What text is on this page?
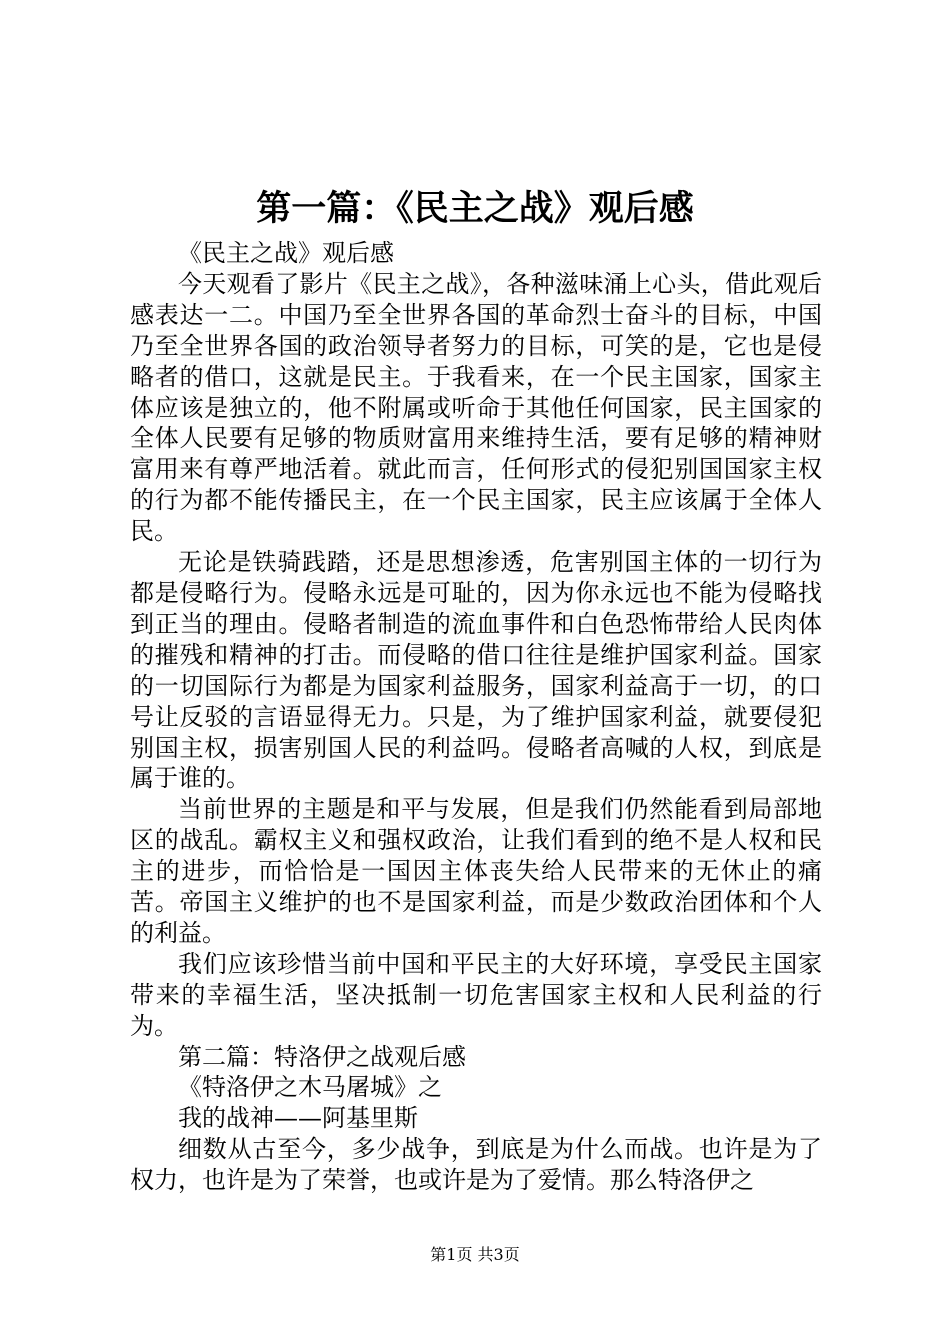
第一篇：《民主之战》观后感

《民主之战》观后感

今天观看了影片《民主之战》，各种滋味涌上心头，借此观后感表达一二。中国乃至全世界各国的革命烈士奋斗的目标，中国乃至全世界各国的政治领导者努力的目标，可笑的是，它也是侵略者的借口，这就是民主。于我看来，在一个民主国家，国家主体应该是独立的，他不附属或听命于其他任何国家，民主国家的全体人民要有足够的物质财富用来维持生活，要有足够的精神财富用来有尊严地活着。就此而言，任何形式的侵犯别国国家主权的行为都不能传播民主，在一个民主国家，民主应该属于全体人民。

无论是铁骑践踏，还是思想渗透，危害别国主体的一切行为都是侵略行为。侵略永远是可耻的，因为你永远也不能为侵略找到正当的理由。侵略者制造的流血事件和白色恐怖带给人民肉体的摧残和精神的打击。而侵略的借口往往是维护国家利益。国家的一切国际行为都是为国家利益服务，国家利益高于一切，的口号让反驳的言语显得无力。只是，为了维护国家利益，就要侵犯别国主权，损害别国人民的利益吗。侵略者高喊的人权，到底是属于谁的。

当前世界的主题是和平与发展，但是我们仍然能看到局部地区的战乱。霸权主义和强权政治，让我们看到的绝不是人权和民主的进步，而恰恰是一国因主体丧失给人民带来的无休止的痛苦。帝国主义维护的也不是国家利益，而是少数政治团体和个人的利益。

我们应该珍惜当前中国和平民主的大好环境，享受民主国家带来的幸福生活，坚决抵制一切危害国家主权和人民利益的行为。

第二篇：特洛伊之战观后感

《特洛伊之木马屠城》之

我的战神——阿基里斯

细数从古至今，多少战争，到底是为什么而战。也许是为了权力，也许是为了荣誉，也或许是为了爱情。那么特洛伊之

第1页 共3页
